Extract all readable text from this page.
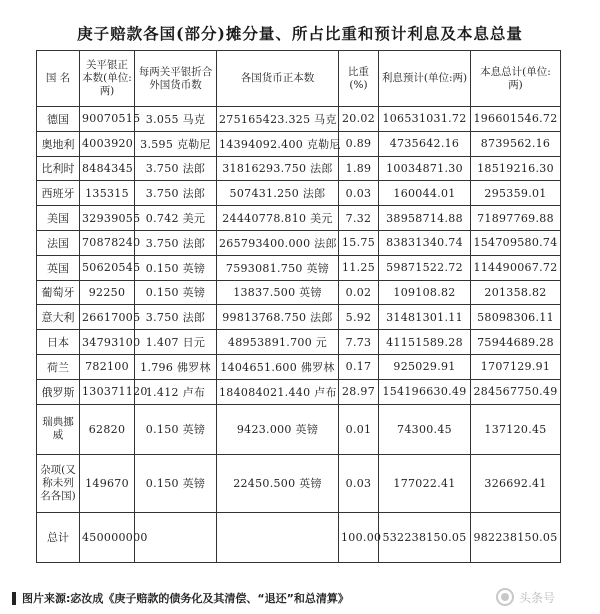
庚子赔款各国(部分)摊分量、所占比重和预计利息及本息总量
国 名	关平银正本数(单位:两)	每两关平银折合外国货币数	各国货币正本数	比重(%)	利息预计(单位:两)	本息总计(单位:两)
德国	90070515	3.055 马克	275165423.325 马克	20.02	106531031.72	196601546.72
奥地利	4003920	3.595 克勒尼	14394092.400 克勒尼	0.89	4735642.16	8739562.16
比利时	8484345	3.750 法郎	31816293.750 法郎	1.89	10034871.30	18519216.30
西班牙	135315	3.750 法郎	507431.250 法郎	0.03	160044.01	295359.01
美国	32939055	0.742 美元	24440778.810 美元	7.32	38958714.88	71897769.88
法国	70878240	3.750 法郎	265793400.000 法郎	15.75	83831340.74	154709580.74
英国	50620545	0.150 英镑	7593081.750 英镑	11.25	59871522.72	114490067.72
葡萄牙	92250	0.150 英镑	13837.500 英镑	0.02	109108.82	201358.82
意大利	26617005	3.750 法郎	99813768.750 法郎	5.92	31481301.11	58098306.11
日本	34793100	1.407 日元	48953891.700 元	7.73	41151589.28	75944689.28
荷兰	782100	1.796 佛罗林	1404651.600 佛罗林	0.17	925029.91	1707129.91
俄罗斯	130371120	1.412 卢布	184084021.440 卢布	28.97	154196630.49	284567750.49
瑞典挪威	62820	0.150 英镑	9423.000 英镑	0.01	74300.45	137120.45
杂项(又称未列名各国)	149670	0.150 英镑	22450.500 英镑	0.03	177022.41	326692.41
总计	450000000			100.00	532238150.05	982238150.05
图片来源:宓汝成《庚子赔款的债务化及其清偿、“退还”和总清算》	头条号
